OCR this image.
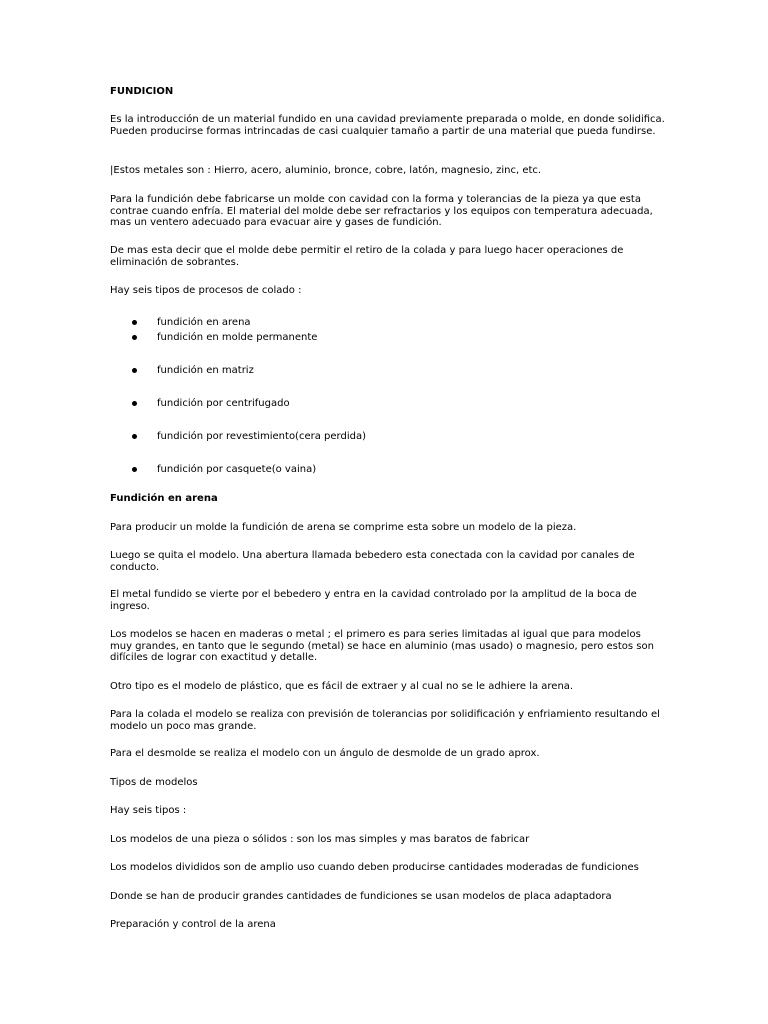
FUNDICION

Es la introducción de un material fundido en una cavidad previamente preparada o molde, en donde solidifica. Pueden producirse formas intrincadas de casi cualquier tamaño a partir de una material que pueda fundirse.

|Estos metales son : Hierro, acero, aluminio, bronce, cobre, latón, magnesio, zinc, etc.

Para la fundición debe fabricarse un molde con cavidad con la forma y tolerancias de la pieza ya que esta contrae cuando enfría. El material del molde debe ser refractarios y los equipos con temperatura adecuada, mas un ventero adecuado para evacuar aire y gases de fundición.

De mas esta decir que el molde debe permitir el retiro de la colada y para luego hacer operaciones de eliminación de sobrantes.

Hay seis tipos de procesos de colado :

fundición en arena
fundición en molde permanente
fundición en matriz
fundición por centrifugado
fundición por revestimiento(cera perdida)
fundición por casquete(o vaina)

Fundición en arena

Para producir un molde la fundición de arena se comprime esta sobre un modelo de la pieza.

Luego se quita el modelo. Una abertura llamada bebedero esta conectada con la cavidad por canales de conducto.

El metal fundido se vierte por el bebedero y entra en la cavidad controlado por la amplitud de la boca de ingreso.

Los modelos se hacen en maderas o metal ; el primero es para series limitadas al igual que para modelos muy grandes, en tanto que le segundo (metal) se hace en aluminio (mas usado) o magnesio, pero estos son difíciles de lograr con exactitud y detalle.

Otro tipo es el modelo de plástico, que es fácil de extraer y al cual no se le adhiere la arena.

Para la colada el modelo se realiza con previsión de tolerancias por solidificación y enfriamiento resultando el modelo un poco mas grande.

Para el desmolde se realiza el modelo con un ángulo de desmolde de un grado aprox.

Tipos de modelos

Hay seis tipos :

Los modelos de una pieza o sólidos : son los mas simples y mas baratos de fabricar

Los modelos divididos son de amplio uso cuando deben producirse cantidades moderadas de fundiciones

Donde se han de producir grandes cantidades de fundiciones se usan modelos de placa adaptadora

Preparación y control de la arena
